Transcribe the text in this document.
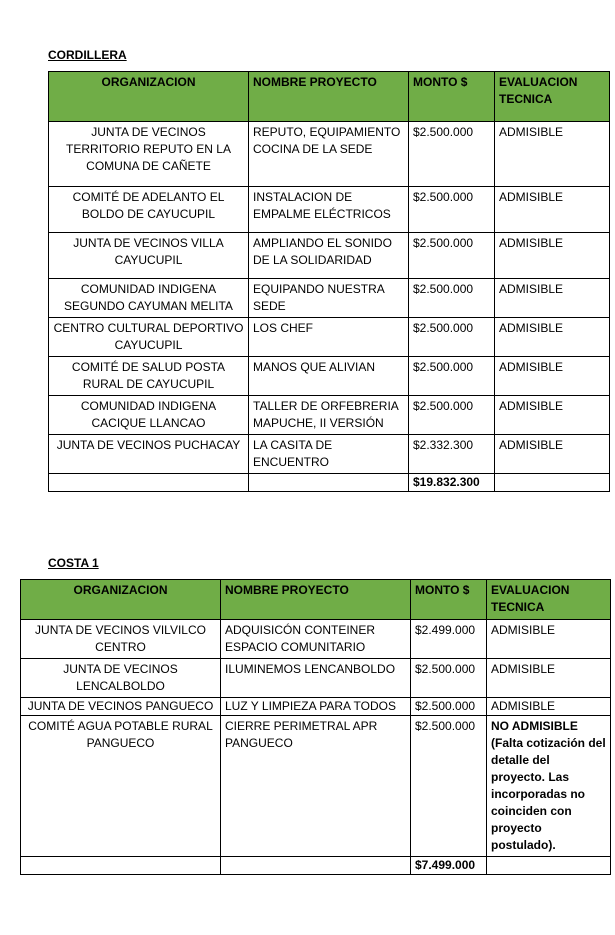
CORDILLERA
ORGANIZACION	NOMBRE PROYECTO	MONTO $	EVALUACION TECNICA
JUNTA DE VECINOS TERRITORIO REPUTO EN LA COMUNA DE CAÑETE	REPUTO, EQUIPAMIENTO COCINA DE LA SEDE	$2.500.000	ADMISIBLE
COMITÉ DE ADELANTO EL BOLDO DE CAYUCUPIL	INSTALACION DE EMPALME ELÉCTRICOS	$2.500.000	ADMISIBLE
JUNTA DE VECINOS VILLA CAYUCUPIL	AMPLIANDO EL SONIDO DE LA SOLIDARIDAD	$2.500.000	ADMISIBLE
COMUNIDAD INDIGENA SEGUNDO CAYUMAN MELITA	EQUIPANDO NUESTRA SEDE	$2.500.000	ADMISIBLE
CENTRO CULTURAL DEPORTIVO CAYUCUPIL	LOS CHEF	$2.500.000	ADMISIBLE
COMITÉ DE SALUD POSTA RURAL DE CAYUCUPIL	MANOS QUE ALIVIAN	$2.500.000	ADMISIBLE
COMUNIDAD INDIGENA CACIQUE LLANCAO	TALLER DE ORFEBRERIA MAPUCHE, II VERSIÓN	$2.500.000	ADMISIBLE
JUNTA DE VECINOS PUCHACAY	LA CASITA DE ENCUENTRO	$2.332.300	ADMISIBLE
		$19.832.300	
COSTA 1
ORGANIZACION	NOMBRE PROYECTO	MONTO $	EVALUACION TECNICA
JUNTA DE VECINOS VILVILCO CENTRO	ADQUISICÓN CONTEINER ESPACIO COMUNITARIO	$2.499.000	ADMISIBLE
JUNTA DE VECINOS LENCALBOLDO	ILUMINEMOS LENCANBOLDO	$2.500.000	ADMISIBLE
JUNTA DE VECINOS PANGUECO	LUZ Y LIMPIEZA PARA TODOS	$2.500.000	ADMISIBLE
COMITÉ AGUA POTABLE RURAL PANGUECO	CIERRE PERIMETRAL APR PANGUECO	$2.500.000	NO ADMISIBLE (Falta cotización del detalle del proyecto. Las incorporadas no coinciden con proyecto postulado).
		$7.499.000	
